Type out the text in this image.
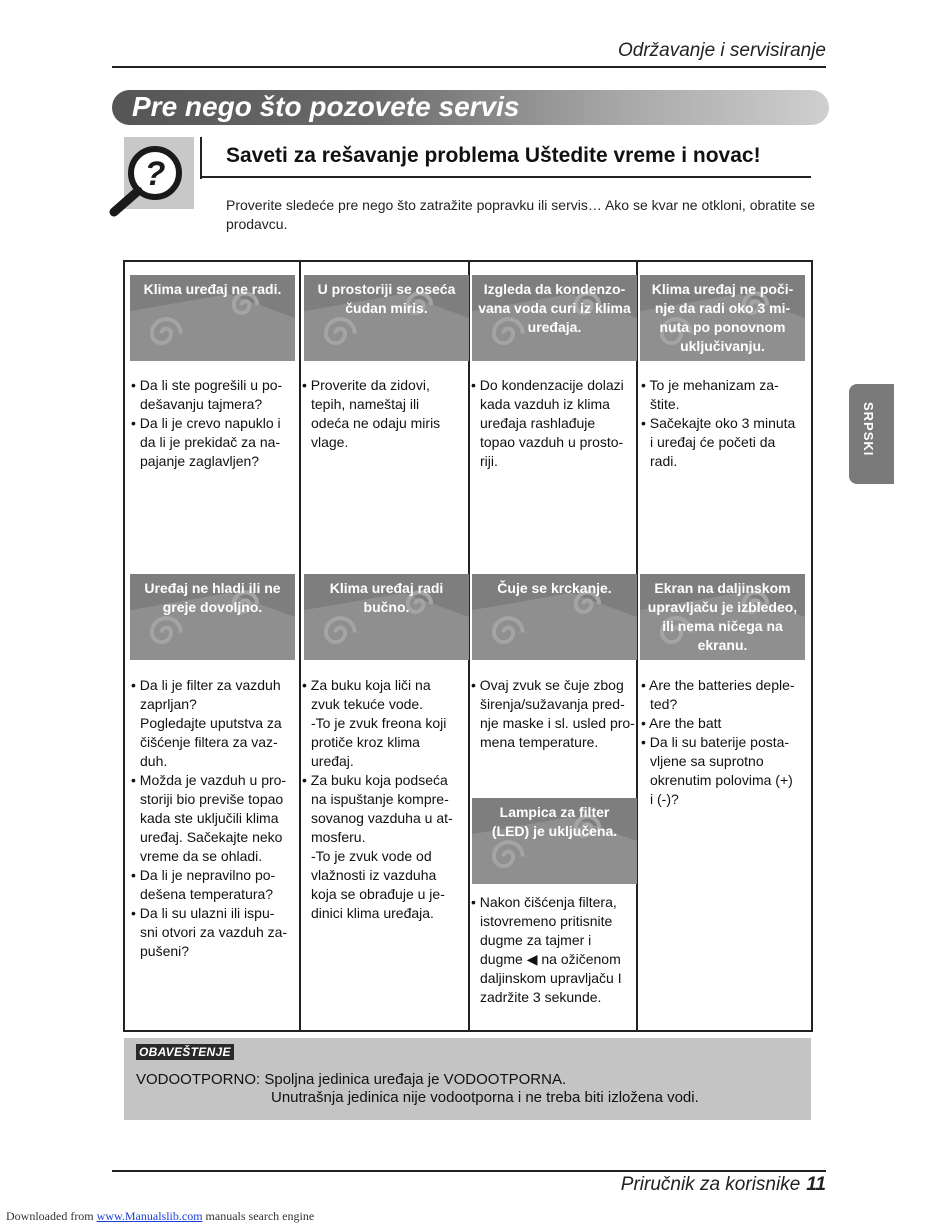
Održavanje i servisiranje
Pre nego što pozovete servis
?	Saveti za rešavanje problema Uštedite vreme i novac!
Proverite sledeće pre nego što zatražite popravku ili servis… Ako se kvar ne otkloni, obratite se prodavcu.
SRPSKI
OBAVEŠTENJE
VODOOTPORNO: Spoljna jedinica uređaja je VODOOTPORNA.
Unutrašnja jedinica nije vodootporna i ne treba biti izložena vodi.
Priručnik za korisnike 11
Downloaded from www.Manualslib.com manuals search engine
Klima uređaj ne radi.

• Da li ste pogrešili u po-

dešavanju tajmera?

• Da li je crevo napuklo i

da li je prekidač za na-

pajanje zaglavljen?

U prostoriji se oseća
čudan miris.

• Proverite da zidovi,

tepih, nameštaj ili

odeća ne odaju miris

vlage.

Izgleda da kondenzo-
vana voda curi iz klima
uređaja.

• Do kondenzacije dolazi

kada vazduh iz klima

uređaja rashlađuje

topao vazduh u prosto-

riji.

Klima uređaj ne poči-
nje da radi oko 3 mi-
nuta po ponovnom
uključivanju.

• To je mehanizam za-

štite.

• Sačekajte oko 3 minuta

i uređaj će početi da

radi.

Uređaj ne hladi ili ne
greje dovoljno.

• Da li je filter za vazduh

zaprljan?

Pogledajte uputstva za

čišćenje filtera za vaz-

duh.

• Možda je vazduh u pro-

storiji bio previše topao

kada ste uključili klima

uređaj. Sačekajte neko

vreme da se ohladi.

• Da li je nepravilno po-

dešena temperatura?

• Da li su ulazni ili ispu-

sni otvori za vazduh za-

pušeni?

Klima uređaj radi
bučno.

• Za buku koja liči na

zvuk tekuće vode.

-To je zvuk freona koji

protiče kroz klima

uređaj.

• Za buku koja podseća

na ispuštanje kompre-

sovanog vazduha u at-

mosferu.

-To je zvuk vode od

vlažnosti iz vazduha

koja se obrađuje u je-

dinici klima uređaja.

Čuje se krckanje.

• Ovaj zvuk se čuje zbog

širenja/sužavanja pred-

nje maske i sl. usled pro-

mena temperature.

Lampica za filter
(LED) je uključena.

• Nakon čišćenja filtera,

istovremeno pritisnite

dugme za tajmer i

dugme ◀ na ožičenom

daljinskom upravljaču I

zadržite 3 sekunde.

Ekran na daljinskom
upravljaču je izbledeo,
ili nema ničega na
ekranu.

• Are the batteries deple-

ted?

• Are the batt

• Da li su baterije posta-

vljene sa suprotno

okrenutim polovima (+)

i (-)?
